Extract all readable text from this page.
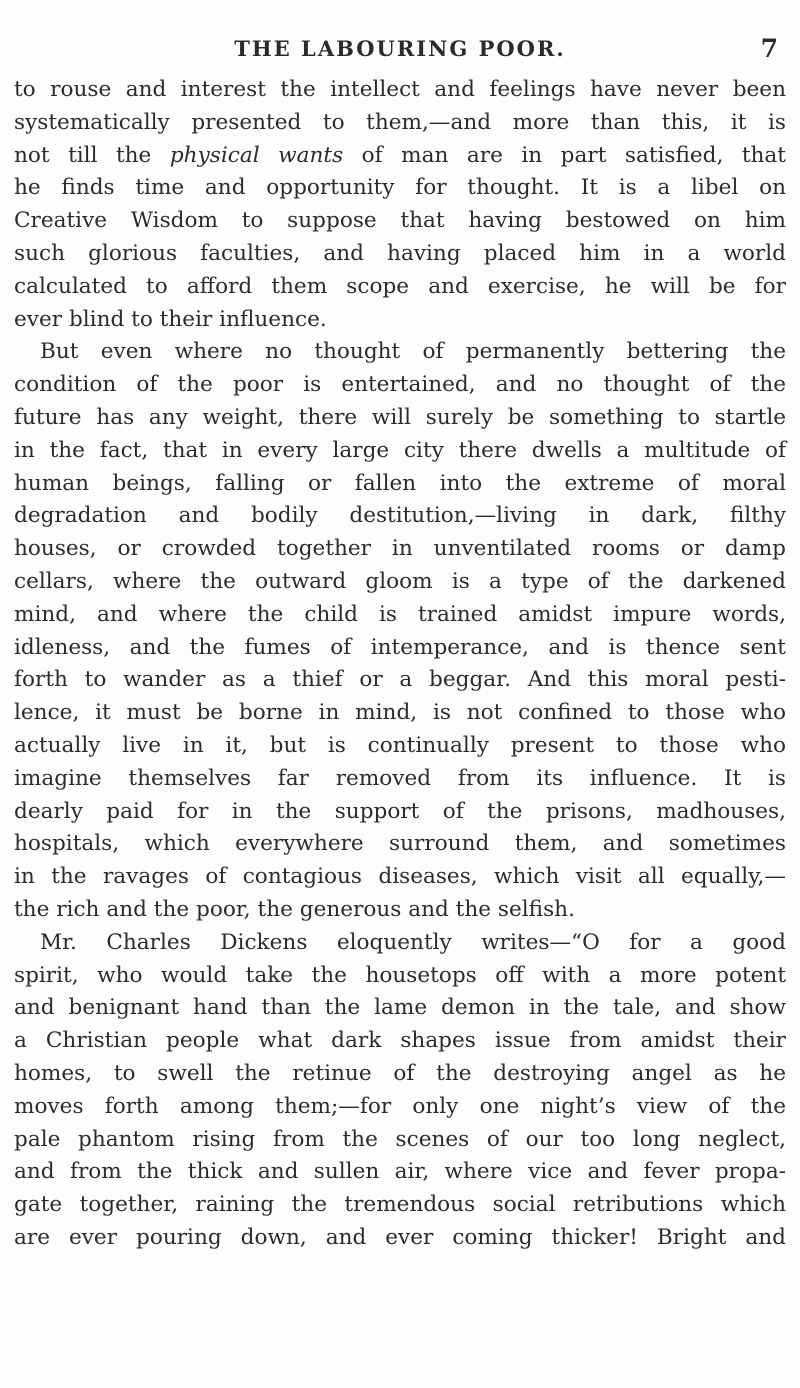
THE LABOURING POOR.	7
to rouse and interest the intellect and feelings have never been
systematically presented to them,—and more than this, it is
not till the physical wants of man are in part satisfied, that
he finds time and opportunity for thought. It is a libel on
Creative Wisdom to suppose that having bestowed on him
such glorious faculties, and having placed him in a world
calculated to afford them scope and exercise, he will be for
ever blind to their influence.
But even where no thought of permanently bettering the
condition of the poor is entertained, and no thought of the
future has any weight, there will surely be something to startle
in the fact, that in every large city there dwells a multitude of
human beings, falling or fallen into the extreme of moral
degradation and bodily destitution,—living in dark, filthy
houses, or crowded together in unventilated rooms or damp
cellars, where the outward gloom is a type of the darkened
mind, and where the child is trained amidst impure words,
idleness, and the fumes of intemperance, and is thence sent
forth to wander as a thief or a beggar. And this moral pesti-
lence, it must be borne in mind, is not confined to those who
actually live in it, but is continually present to those who
imagine themselves far removed from its influence. It is
dearly paid for in the support of the prisons, madhouses,
hospitals, which everywhere surround them, and sometimes
in the ravages of contagious diseases, which visit all equally,—
the rich and the poor, the generous and the selfish.
Mr. Charles Dickens eloquently writes—“O for a good
spirit, who would take the housetops off with a more potent
and benignant hand than the lame demon in the tale, and show
a Christian people what dark shapes issue from amidst their
homes, to swell the retinue of the destroying angel as he
moves forth among them;—for only one night’s view of the
pale phantom rising from the scenes of our too long neglect,
and from the thick and sullen air, where vice and fever propa-
gate together, raining the tremendous social retributions which
are ever pouring down, and ever coming thicker! Bright and
